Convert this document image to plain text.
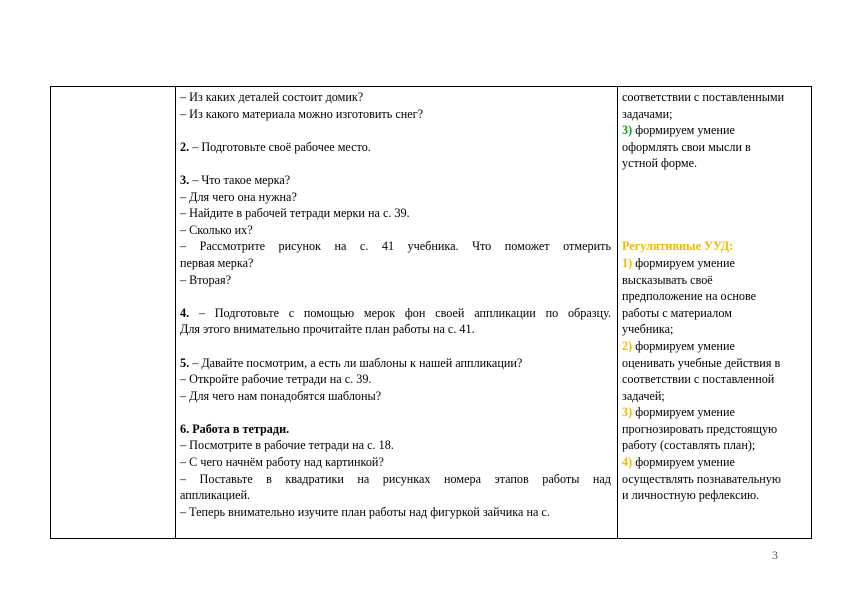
– Из каких деталей состоит домик?
– Из какого материала можно изготовить снег?
2. – Подготовьте своё рабочее место.
3. – Что такое мерка?
– Для чего она нужна?
– Найдите в рабочей тетради мерки на с. 39.
– Сколько их?
– Рассмотрите рисунок на с. 41 учебника. Что поможет отмерить
первая мерка?
– Вторая?
4. – Подготовьте с помощью мерок фон своей аппликации по образцу.
Для этого внимательно прочитайте план работы на с. 41.
5. – Давайте посмотрим, а есть ли шаблоны к нашей аппликации?
– Откройте рабочие тетради на с. 39.
– Для чего нам понадобятся шаблоны?
6. Работа в тетради.
– Посмотрите в рабочие тетради на с. 18.
– С чего начнём работу над картинкой?
– Поставьте в квадратики на рисунках номера этапов работы над
аппликацией.
– Теперь внимательно изучите план работы над фигуркой зайчика на с.
соответствии с поставленными
задачами;
3) формируем умение
оформлять свои мысли в
устной форме.
Регулятивные УУД:
1) формируем умение
высказывать своё
предположение на основе
работы с материалом
учебника;
2) формируем умение
оценивать учебные действия в
соответствии с поставленной
задачей;
3) формируем умение
прогнозировать предстоящую
работу (составлять план);
4) формируем умение
осуществлять познавательную
и личностную рефлексию.
3
